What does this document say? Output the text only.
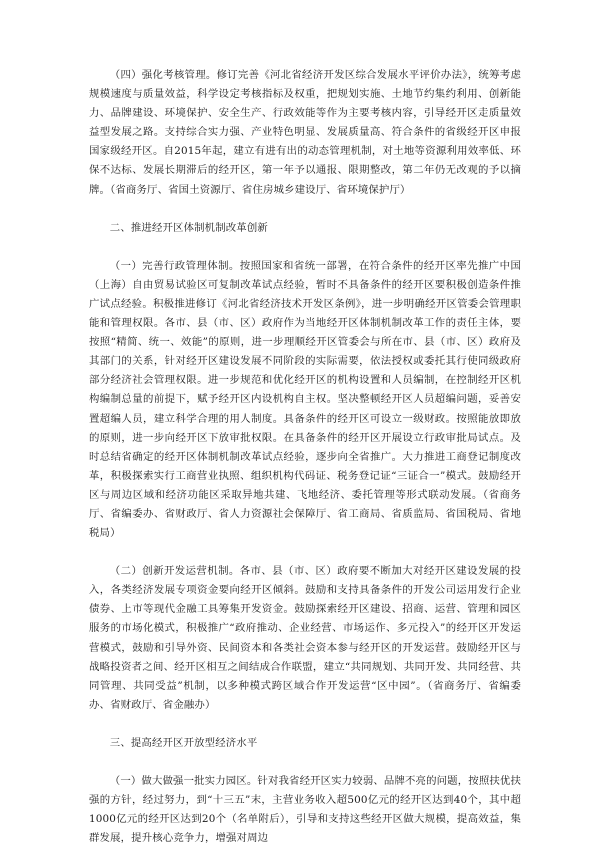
（四）强化考核管理。修订完善《河北省经济开发区综合发展水平评价办法》，统筹考虑规模速度与质量效益，科学设定考核指标及权重，把规划实施、土地节约集约利用、创新能力、品牌建设、环境保护、安全生产、行政效能等作为主要考核内容，引导经开区走质量效益型发展之路。支持综合实力强、产业特色明显、发展质量高、符合条件的省级经开区申报国家级经开区。自2015年起，建立有进有出的动态管理机制，对土地等资源利用效率低、环保不达标、发展长期滞后的经开区，第一年予以通报、限期整改，第二年仍无改观的予以摘牌。（省商务厅、省国土资源厅、省住房城乡建设厅、省环境保护厅）

二、推进经开区体制机制改革创新

（一）完善行政管理体制。按照国家和省统一部署，在符合条件的经开区率先推广中国（上海）自由贸易试验区可复制改革试点经验，暂时不具备条件的经开区要积极创造条件推广试点经验。积极推进修订《河北省经济技术开发区条例》，进一步明确经开区管委会管理职能和管理权限。各市、县（市、区）政府作为当地经开区体制机制改革工作的责任主体，要按照“精简、统一、效能”的原则，进一步理顺经开区管委会与所在市、县（市、区）政府及其部门的关系，针对经开区建设发展不同阶段的实际需要，依法授权或委托其行使同级政府部分经济社会管理权限。进一步规范和优化经开区的机构设置和人员编制，在控制经开区机构编制总量的前提下，赋予经开区内设机构自主权。坚决整顿经开区人员超编问题，妥善安置超编人员，建立科学合理的用人制度。具备条件的经开区可设立一级财政。按照能放即放的原则，进一步向经开区下放审批权限。在具备条件的经开区开展设立行政审批局试点。及时总结省确定的经开区体制机制改革试点经验，逐步向全省推广。大力推进工商登记制度改革，积极探索实行工商营业执照、组织机构代码证、税务登记证“三证合一”模式。鼓励经开区与周边区域和经济功能区采取异地共建、飞地经济、委托管理等形式联动发展。（省商务厅、省编委办、省财政厅、省人力资源社会保障厅、省工商局、省质监局、省国税局、省地税局）

（二）创新开发运营机制。各市、县（市、区）政府要不断加大对经开区建设发展的投入，各类经济发展专项资金要向经开区倾斜。鼓励和支持具备条件的开发公司运用发行企业债券、上市等现代金融工具筹集开发资金。鼓励探索经开区建设、招商、运营、管理和园区服务的市场化模式，积极推广“政府推动、企业经营、市场运作、多元投入”的经开区开发运营模式，鼓励和引导外资、民间资本和各类社会资本参与经开区的开发运营。鼓励经开区与战略投资者之间、经开区相互之间结成合作联盟，建立“共同规划、共同开发、共同经营、共同管理、共同受益”机制，以多种模式跨区域合作开发运营“区中园”。（省商务厅、省编委办、省财政厅、省金融办）

三、提高经开区开放型经济水平

（一）做大做强一批实力园区。针对我省经开区实力较弱、品牌不亮的问题，按照扶优扶强的方针，经过努力，到“十三五”末，主营业务收入超500亿元的经开区达到40个，其中超1000亿元的经开区达到20个（名单附后），引导和支持这些经开区做大规模，提高效益，集群发展，提升核心竞争力，增强对周边
